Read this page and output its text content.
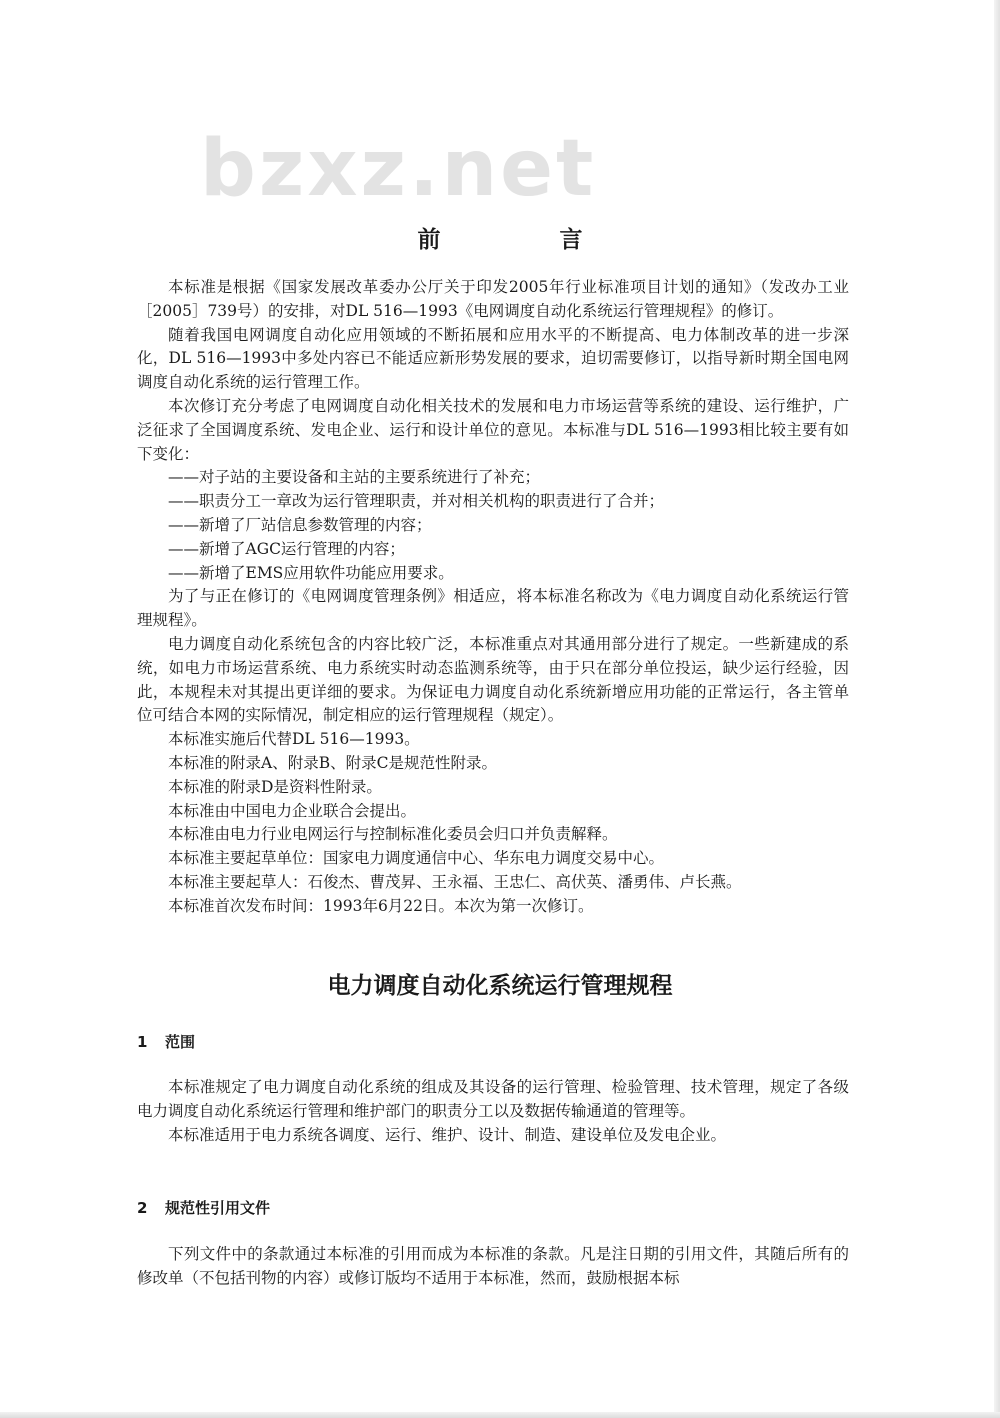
bzxz.net
前　言

本标准是根据《国家发展改革委办公厅关于印发2005年行业标准项目计划的通知》（发改办工业［2005］739号）的安排，对DL 516—1993《电网调度自动化系统运行管理规程》的修订。

随着我国电网调度自动化应用领域的不断拓展和应用水平的不断提高、电力体制改革的进一步深化，DL 516—1993中多处内容已不能适应新形势发展的要求，迫切需要修订，以指导新时期全国电网调度自动化系统的运行管理工作。

本次修订充分考虑了电网调度自动化相关技术的发展和电力市场运营等系统的建设、运行维护，广泛征求了全国调度系统、发电企业、运行和设计单位的意见。本标准与DL 516—1993相比较主要有如下变化：

——对子站的主要设备和主站的主要系统进行了补充；

——职责分工一章改为运行管理职责，并对相关机构的职责进行了合并；

——新增了厂站信息参数管理的内容；

——新增了AGC运行管理的内容；

——新增了EMS应用软件功能应用要求。

为了与正在修订的《电网调度管理条例》相适应，将本标准名称改为《电力调度自动化系统运行管理规程》。

电力调度自动化系统包含的内容比较广泛，本标准重点对其通用部分进行了规定。一些新建成的系统，如电力市场运营系统、电力系统实时动态监测系统等，由于只在部分单位投运，缺少运行经验，因此，本规程未对其提出更详细的要求。为保证电力调度自动化系统新增应用功能的正常运行，各主管单位可结合本网的实际情况，制定相应的运行管理规程（规定）。

本标准实施后代替DL 516—1993。

本标准的附录A、附录B、附录C是规范性附录。

本标准的附录D是资料性附录。

本标准由中国电力企业联合会提出。

本标准由电力行业电网运行与控制标准化委员会归口并负责解释。

本标准主要起草单位：国家电力调度通信中心、华东电力调度交易中心。

本标准主要起草人：石俊杰、曹茂昇、王永福、王忠仁、高伏英、潘勇伟、卢长燕。

本标准首次发布时间：1993年6月22日。本次为第一次修订。

电力调度自动化系统运行管理规程
1 范围

本标准规定了电力调度自动化系统的组成及其设备的运行管理、检验管理、技术管理，规定了各级电力调度自动化系统运行管理和维护部门的职责分工以及数据传输通道的管理等。

本标准适用于电力系统各调度、运行、维护、设计、制造、建设单位及发电企业。

2 规范性引用文件

下列文件中的条款通过本标准的引用而成为本标准的条款。凡是注日期的引用文件，其随后所有的修改单（不包括刊物的内容）或修订版均不适用于本标准，然而，鼓励根据本标
